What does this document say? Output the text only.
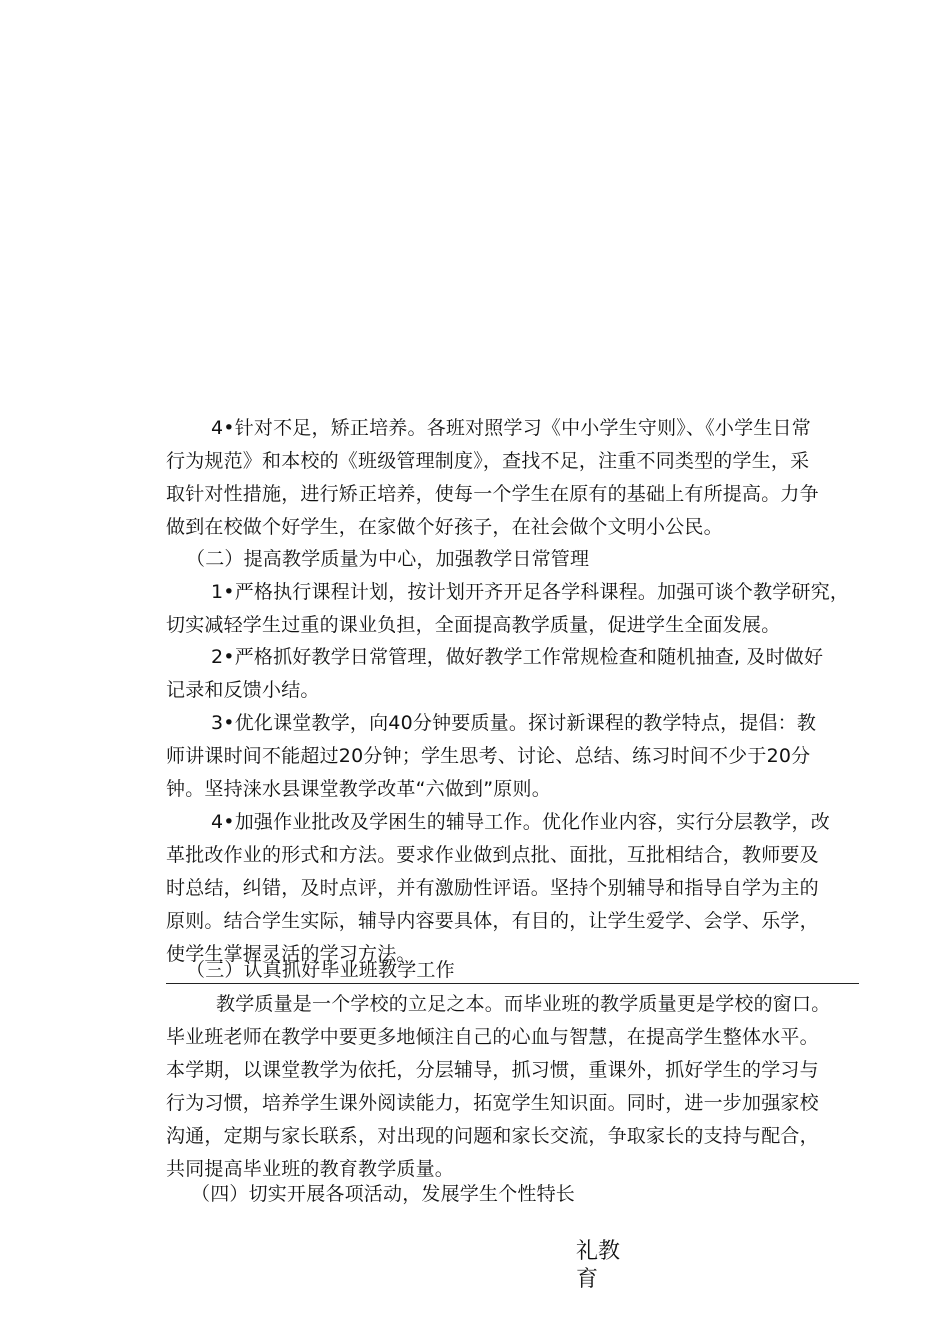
4•针对不足，矫正培养。各班对照学习《中小学生守则》、《小学生日常
行为规范》和本校的《班级管理制度》，查找不足，注重不同类型的学生，采
取针对性措施，进行矫正培养，使每一个学生在原有的基础上有所提高。力争
做到在校做个好学生，在家做个好孩子，在社会做个文明小公民。
（二）提高教学质量为中心，加强教学日常管理
1•严格执行课程计划，按计划开齐开足各学科课程。加强可谈个教学研究，
切实减轻学生过重的课业负担，全面提高教学质量，促进学生全面发展。
2•严格抓好教学日常管理，做好教学工作常规检查和随机抽查, 及时做好
记录和反馈小结。
3•优化课堂教学，向40分钟要质量。探讨新课程的教学特点，提倡：教
师讲课时间不能超过20分钟；学生思考、讨论、总结、练习时间不少于20分
钟。坚持涞水县课堂教学改革“六做到”原则。
4•加强作业批改及学困生的辅导工作。优化作业内容，实行分层教学，改
革批改作业的形式和方法。要求作业做到点批、面批，互批相结合，教师要及
时总结，纠错，及时点评，并有激励性评语。坚持个别辅导和指导自学为主的
原则。结合学生实际，辅导内容要具体，有目的，让学生爱学、会学、乐学，
使学生掌握灵活的学习方法。
（三）认真抓好毕业班教学工作
教学质量是一个学校的立足之本。而毕业班的教学质量更是学校的窗口。
毕业班老师在教学中要更多地倾注自己的心血与智慧，在提高学生整体水平。
本学期，以课堂教学为依托，分层辅导，抓习惯，重课外，抓好学生的学习与
行为习惯，培养学生课外阅读能力，拓宽学生知识面。同时，进一步加强家校
沟通，定期与家长联系，对出现的问题和家长交流，争取家长的支持与配合，
共同提高毕业班的教育教学质量。
（四）切实开展各项活动，发展学生个性特长
礼教
育
